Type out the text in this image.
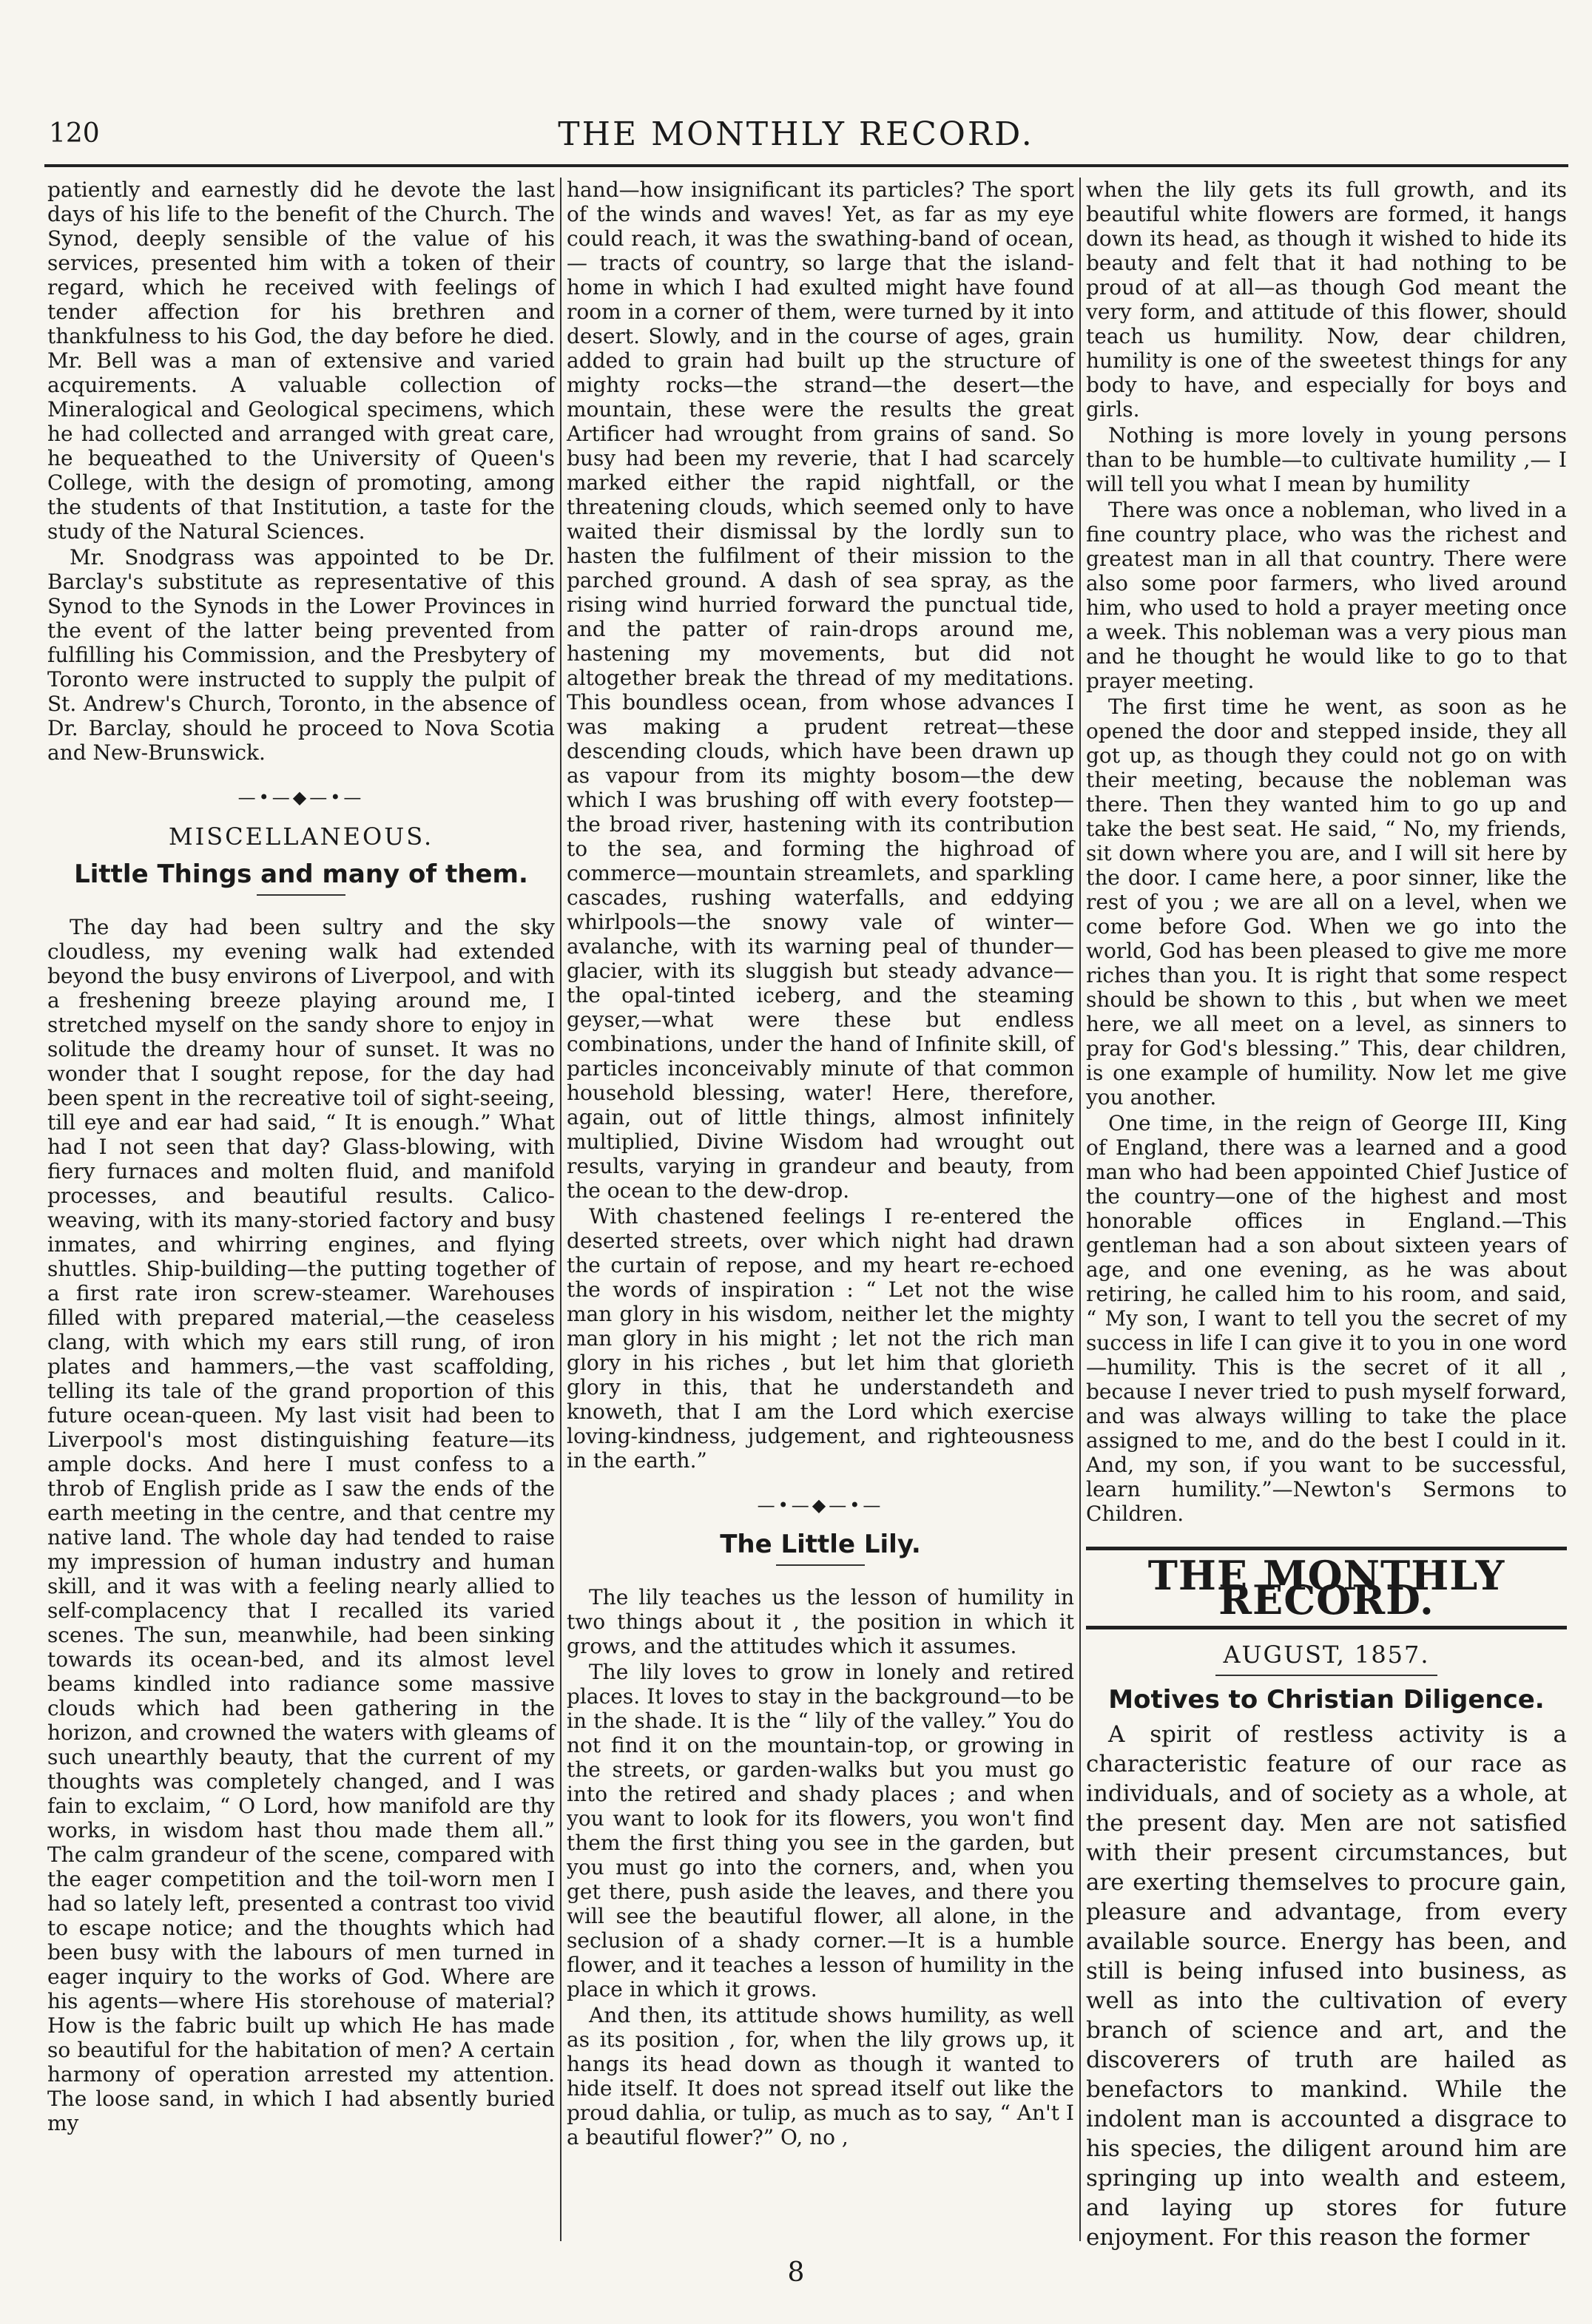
120	THE MONTHLY RECORD.

patiently and earnestly did he devote the last days of his life to the benefit of the Church. The Synod, deeply sensible of the value of his services, presented him with a token of their regard, which he received with feelings of tender affection for his brethren and thankfulness to his God, the day before he died. Mr. Bell was a man of extensive and varied acquirements. A valuable collection of Mineralogical and Geological specimens, which he had collected and arranged with great care, he bequeathed to the University of Queen's College, with the design of promoting, among the students of that Institution, a taste for the study of the Natural Sciences.

Mr. Snodgrass was appointed to be Dr. Barclay's substitute as representative of this Synod to the Synods in the Lower Provinces in the event of the latter being prevented from fulfilling his Commission, and the Presbytery of Toronto were instructed to supply the pulpit of St. Andrew's Church, Toronto, in the absence of Dr. Barclay, should he proceed to Nova Scotia and New-Brunswick.

—•—◆—•—
MISCELLANEOUS.
Little Things and many of them.

The day had been sultry and the sky cloudless, my evening walk had extended beyond the busy environs of Liverpool, and with a freshening breeze playing around me, I stretched myself on the sandy shore to enjoy in solitude the dreamy hour of sunset. It was no wonder that I sought repose, for the day had been spent in the recreative toil of sight-seeing, till eye and ear had said, “ It is enough.” What had I not seen that day? Glass-blowing, with fiery furnaces and molten fluid, and manifold processes, and beautiful results. Calico-weaving, with its many-storied factory and busy inmates, and whirring engines, and flying shuttles. Ship-building—the putting together of a first rate iron screw-steamer. Warehouses filled with prepared material,—the ceaseless clang, with which my ears still rung, of iron plates and hammers,—the vast scaffolding, telling its tale of the grand proportion of this future ocean-queen. My last visit had been to Liverpool's most distinguishing feature—its ample docks. And here I must confess to a throb of English pride as I saw the ends of the earth meeting in the centre, and that centre my native land. The whole day had tended to raise my impression of human industry and human skill, and it was with a feeling nearly allied to self-complacency that I recalled its varied scenes. The sun, meanwhile, had been sinking towards its ocean-bed, and its almost level beams kindled into radiance some massive clouds which had been gathering in the horizon, and crowned the waters with gleams of such unearthly beauty, that the current of my thoughts was completely changed, and I was fain to exclaim, “ O Lord, how manifold are thy works, in wisdom hast thou made them all.” The calm grandeur of the scene, compared with the eager competition and the toil-worn men I had so lately left, presented a contrast too vivid to escape notice; and the thoughts which had been busy with the labours of men turned in eager inquiry to the works of God. Where are his agents—where His storehouse of material? How is the fabric built up which He has made so beautiful for the habitation of men? A certain harmony of operation arrested my attention. The loose sand, in which I had absently buried my

hand—how insignificant its particles? The sport of the winds and waves! Yet, as far as my eye could reach, it was the swathing-band of ocean,— tracts of country, so large that the island-home in which I had exulted might have found room in a corner of them, were turned by it into desert. Slowly, and in the course of ages, grain added to grain had built up the structure of mighty rocks—the strand—the desert—the mountain, these were the results the great Artificer had wrought from grains of sand. So busy had been my reverie, that I had scarcely marked either the rapid nightfall, or the threatening clouds, which seemed only to have waited their dismissal by the lordly sun to hasten the fulfilment of their mission to the parched ground. A dash of sea spray, as the rising wind hurried forward the punctual tide, and the patter of rain-drops around me, hastening my movements, but did not altogether break the thread of my meditations. This boundless ocean, from whose advances I was making a prudent retreat—these descending clouds, which have been drawn up as vapour from its mighty bosom—the dew which I was brushing off with every footstep—the broad river, hastening with its contribution to the sea, and forming the highroad of commerce—mountain streamlets, and sparkling cascades, rushing waterfalls, and eddying whirlpools—the snowy vale of winter—avalanche, with its warning peal of thunder—glacier, with its sluggish but steady advance—the opal-tinted iceberg, and the steaming geyser,—what were these but endless combinations, under the hand of Infinite skill, of particles inconceivably minute of that common household blessing, water! Here, therefore, again, out of little things, almost infinitely multiplied, Divine Wisdom had wrought out results, varying in grandeur and beauty, from the ocean to the dew-drop.

With chastened feelings I re-entered the deserted streets, over which night had drawn the curtain of repose, and my heart re-echoed the words of inspiration : “ Let not the wise man glory in his wisdom, neither let the mighty man glory in his might ; let not the rich man glory in his riches , but let him that glorieth glory in this, that he understandeth and knoweth, that I am the Lord which exercise loving-kindness, judgement, and righteousness in the earth.”

—•—◆—•—
The Little Lily.

The lily teaches us the lesson of humility in two things about it , the position in which it grows, and the attitudes which it assumes.

The lily loves to grow in lonely and retired places. It loves to stay in the background—to be in the shade. It is the “ lily of the valley.” You do not find it on the mountain-top, or growing in the streets, or garden-walks but you must go into the retired and shady places ; and when you want to look for its flowers, you won't find them the first thing you see in the garden, but you must go into the corners, and, when you get there, push aside the leaves, and there you will see the beautiful flower, all alone, in the seclusion of a shady corner.—It is a humble flower, and it teaches a lesson of humility in the place in which it grows.

And then, its attitude shows humility, as well as its position , for, when the lily grows up, it hangs its head down as though it wanted to hide itself. It does not spread itself out like the proud dahlia, or tulip, as much as to say, “ An't I a beautiful flower?” O, no ,

when the lily gets its full growth, and its beautiful white flowers are formed, it hangs down its head, as though it wished to hide its beauty and felt that it had nothing to be proud of at all—as though God meant the very form, and attitude of this flower, should teach us humility. Now, dear children, humility is one of the sweetest things for any body to have, and especially for boys and girls.

Nothing is more lovely in young persons than to be humble—to cultivate humility ,— I will tell you what I mean by humility

There was once a nobleman, who lived in a fine country place, who was the richest and greatest man in all that country. There were also some poor farmers, who lived around him, who used to hold a prayer meeting once a week. This nobleman was a very pious man and he thought he would like to go to that prayer meeting.

The first time he went, as soon as he opened the door and stepped inside, they all got up, as though they could not go on with their meeting, because the nobleman was there. Then they wanted him to go up and take the best seat. He said, “ No, my friends, sit down where you are, and I will sit here by the door. I came here, a poor sinner, like the rest of you ; we are all on a level, when we come before God. When we go into the world, God has been pleased to give me more riches than you. It is right that some respect should be shown to this , but when we meet here, we all meet on a level, as sinners to pray for God's blessing.” This, dear children, is one example of humility. Now let me give you another.

One time, in the reign of George III, King of England, there was a learned and a good man who had been appointed Chief Justice of the country—one of the highest and most honorable offices in England.—This gentleman had a son about sixteen years of age, and one evening, as he was about retiring, he called him to his room, and said, “ My son, I want to tell you the secret of my success in life I can give it to you in one word—humility. This is the secret of it all , because I never tried to push myself forward, and was always willing to take the place assigned to me, and do the best I could in it. And, my son, if you want to be successful, learn humility.”—Newton's Sermons to Children.

THE MONTHLY RECORD.
AUGUST, 1857.
Motives to Christian Diligence.

A spirit of restless activity is a characteristic feature of our race as individuals, and of society as a whole, at the present day. Men are not satisfied with their present circumstances, but are exerting themselves to procure gain, pleasure and advantage, from every available source. Energy has been, and still is being infused into business, as well as into the cultivation of every branch of science and art, and the discoverers of truth are hailed as benefactors to mankind. While the indolent man is accounted a disgrace to his species, the diligent around him are springing up into wealth and esteem, and laying up stores for future enjoyment. For this reason the former

8
